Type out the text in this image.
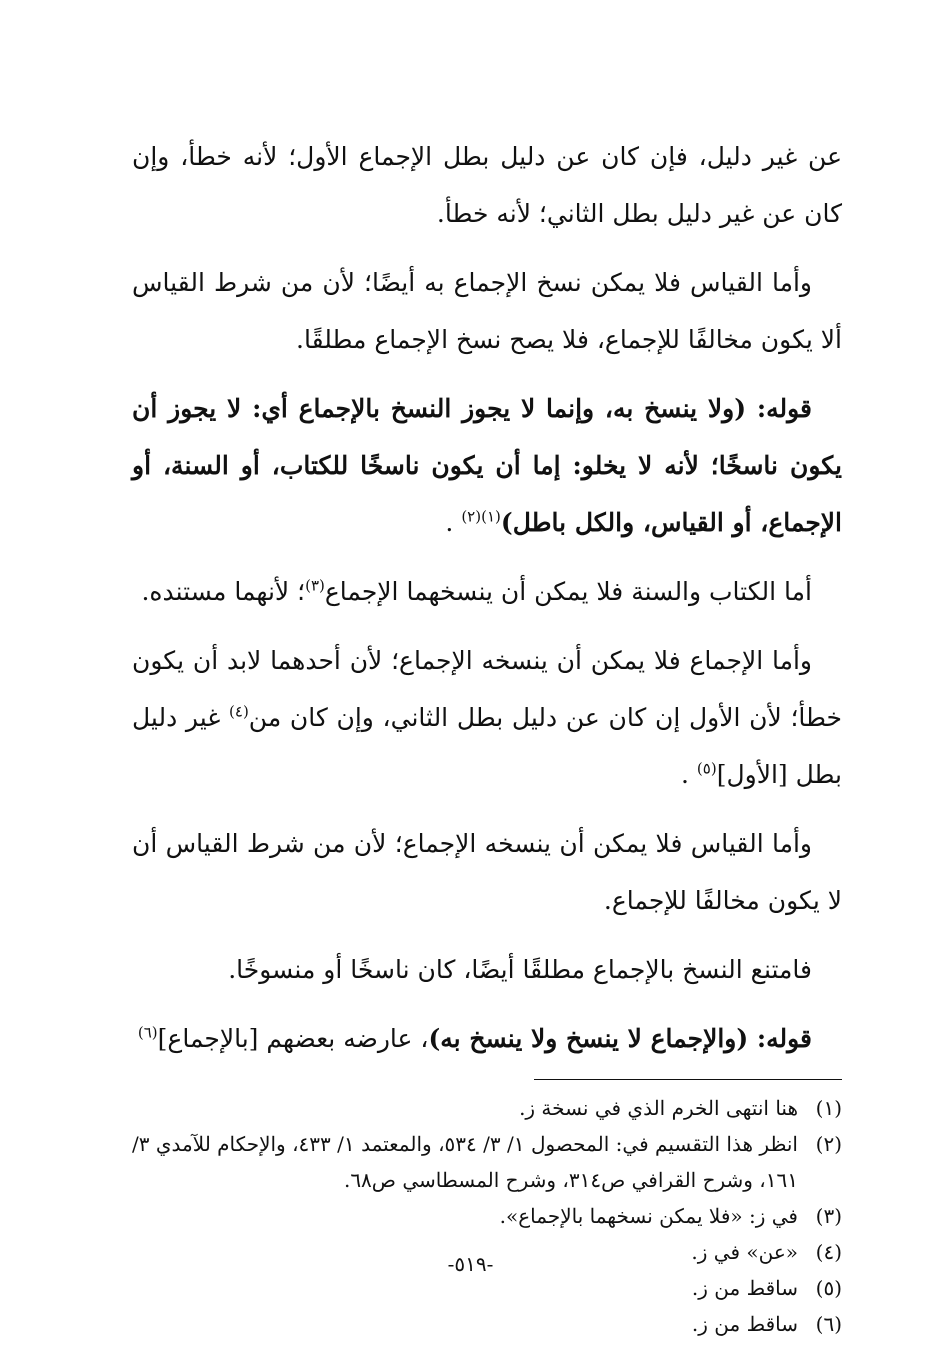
عن غير دليل، فإن كان عن دليل بطل الإجماع الأول؛ لأنه خطأ، وإن كان عن غير دليل بطل الثاني؛ لأنه خطأ.

وأما القياس فلا يمكن نسخ الإجماع به أيضًا؛ لأن من شرط القياس ألا يكون مخالفًا للإجماع، فلا يصح نسخ الإجماع مطلقًا.

قوله: (ولا ينسخ به، وإنما لا يجوز النسخ بالإجماع أي: لا يجوز أن يكون ناسخًا؛ لأنه لا يخلو: إما أن يكون ناسخًا للكتاب، أو السنة، أو الإجماع، أو القياس، والكل باطل)$^{(١)(٢)}$ .

أما الكتاب والسنة فلا يمكن أن ينسخهما الإجماع$^{(٣)}$؛ لأنهما مستنده.

وأما الإجماع فلا يمكن أن ينسخه الإجماع؛ لأن أحدهما لابد أن يكون خطأ؛ لأن الأول إن كان عن دليل بطل الثاني، وإن كان من$^{(٤)}$ غير دليل بطل [الأول]$^{(٥)}$ .

وأما القياس فلا يمكن أن ينسخه الإجماع؛ لأن من شرط القياس أن لا يكون مخالفًا للإجماع.

فامتنع النسخ بالإجماع مطلقًا أيضًا، كان ناسخًا أو منسوخًا.

قوله: (والإجماع لا ينسخ ولا ينسخ به)، عارضه بعضهم [بالإجماع]$^{(٦)}$

(١)
هنا انتهى الخرم الذي في نسخة ز.
(٢)
انظر هذا التقسيم في: المحصول ١/ ٣/ ٥٣٤، والمعتمد ١/ ٤٣٣، والإحكام للآمدي ٣/ ١٦١، وشرح القرافي ص٣١٤، وشرح المسطاسي ص٦٨.
(٣)
في ز: «فلا يمكن نسخهما بالإجماع».
(٤)
«عن» في ز.
(٥)
ساقط من ز.
(٦)
ساقط من ز.
-٥١٩-
